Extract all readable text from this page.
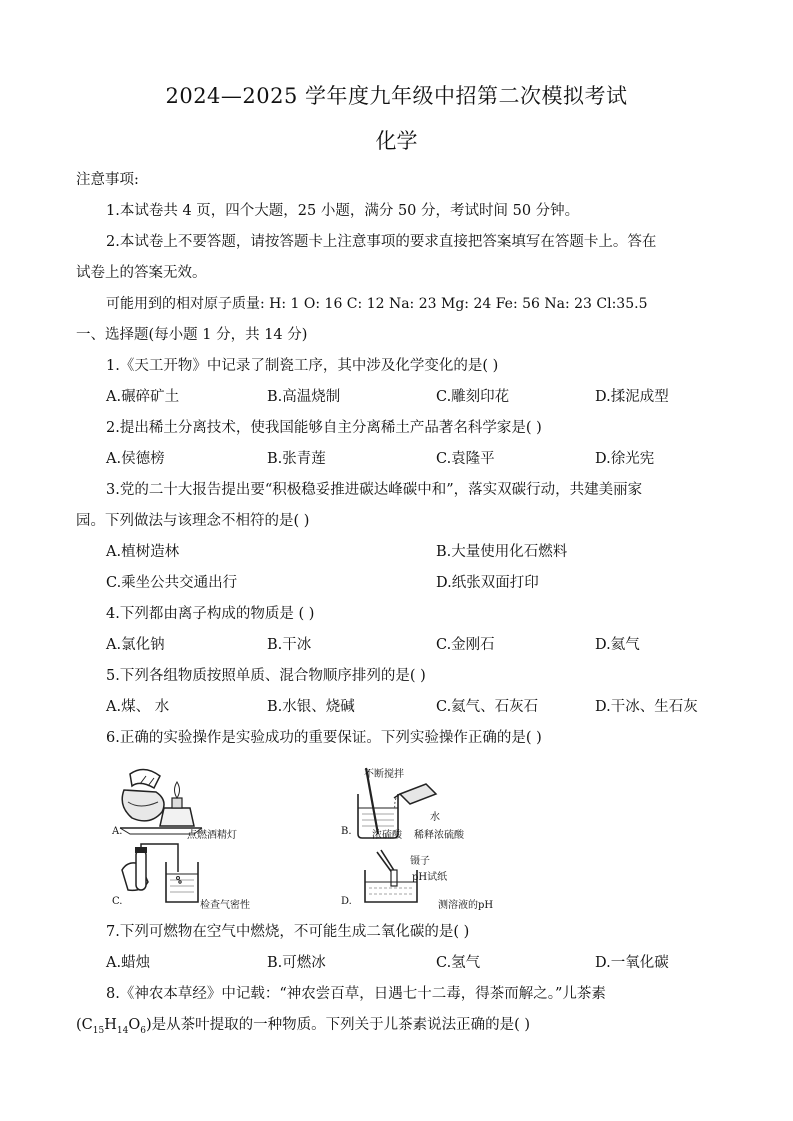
2024—2025 学年度九年级中招第二次模拟考试
化学
注意事项:
1.本试卷共 4 页，四个大题，25 小题，满分 50 分，考试时间 50 分钟。
2.本试卷上不要答题，请按答题卡上注意事项的要求直接把答案填写在答题卡上。答在
试卷上的答案无效。
可能用到的相对原子质量: H: 1 O: 16 C: 12 Na: 23 Mg: 24 Fe: 56 Na: 23 Cl:35.5
一、选择题(每小题 1 分，共 14 分)
1.《天工开物》中记录了制瓷工序，其中涉及化学变化的是( )
A.碾碎矿土	B.高温烧制	C.雕刻印花	D.揉泥成型
2.提出稀土分离技术，使我国能够自主分离稀土产品著名科学家是( )
A.侯德榜	B.张青莲	C.袁隆平	D.徐光宪
3.党的二十大报告提出要“积极稳妥推进碳达峰碳中和”，落实双碳行动，共建美丽家
园。下列做法与该理念不相符的是( )
A.植树造林	B.大量使用化石燃料
C.乘坐公共交通出行	D.纸张双面打印
4.下列都由离子构成的物质是 ( )
A.氯化钠	B.干冰	C.金刚石	D.氦气
5.下列各组物质按照单质、混合物顺序排列的是( )
A.煤、 水	B.水银、烧碱	C.氦气、石灰石	D.干冰、生石灰
6.正确的实验操作是实验成功的重要保证。下列实验操作正确的是( )
A.	点燃酒精灯
不断搅拌
水
B. 浓硫酸 稀释浓硫酸
C.	检查气密性
镊子
pH试纸
D.	测溶液的pH
7.下列可燃物在空气中燃烧，不可能生成二氧化碳的是( )
A.蜡烛	B.可燃冰	C.氢气	D.一氧化碳
8.《神农本草经》中记载：“神农尝百草，日遇七十二毒，得茶而解之。”儿茶素
$(C_{15}H_{14}O_6)$是从茶叶提取的一种物质。下列关于儿茶素说法正确的是( )
